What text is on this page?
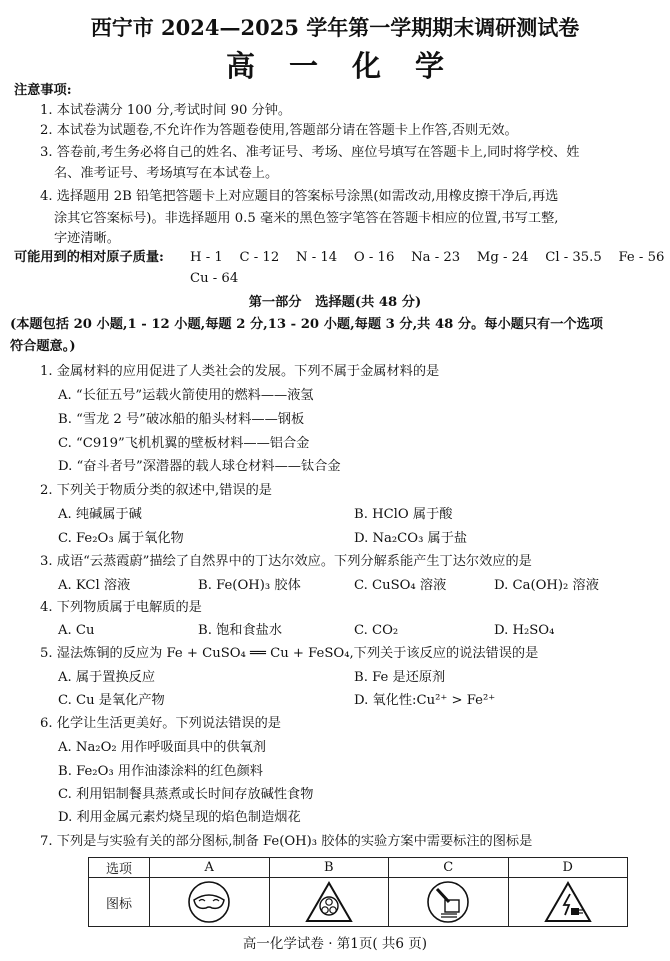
西宁市 2024—2025 学年第一学期期末调研测试卷
高一化学
注意事项:
1. 本试卷满分 100 分,考试时间 90 分钟。
2. 本试卷为试题卷,不允许作为答题卷使用,答题部分请在答题卡上作答,否则无效。
3. 答卷前,考生务必将自己的姓名、准考证号、考场、座位号填写在答题卡上,同时将学校、姓
名、准考证号、考场填写在本试卷上。
4. 选择题用 2B 铅笔把答题卡上对应题目的答案标号涂黑(如需改动,用橡皮擦干净后,再选
涂其它答案标号)。非选择题用 0.5 毫米的黑色签字笔答在答题卡相应的位置,书写工整,
字迹清晰。
可能用到的相对原子质量: H - 1    C - 12    N - 14    O - 16    Na - 23    Mg - 24    Cl - 35.5    Fe - 56
Cu - 64
第一部分   选择题(共 48 分)
(本题包括 20 小题,1 - 12 小题,每题 2 分,13 - 20 小题,每题 3 分,共 48 分。每小题只有一个选项
符合题意。)
1. 金属材料的应用促进了人类社会的发展。下列不属于金属材料的是
A. “长征五号”运载火箭使用的燃料——液氢
B. “雪龙 2 号”破冰船的船头材料——钢板
C. “C919”飞机机翼的壁板材料——铝合金
D. “奋斗者号”深潜器的载人球仓材料——钛合金
2. 下列关于物质分类的叙述中,错误的是
A. 纯碱属于碱	B. HClO 属于酸
C. Fe₂O₃ 属于氧化物	D. Na₂CO₃ 属于盐
3. 成语“云蒸霞蔚”描绘了自然界中的丁达尔效应。下列分解系能产生丁达尔效应的是
A. KCl 溶液	B. Fe(OH)₃ 胶体	C. CuSO₄ 溶液	D. Ca(OH)₂ 溶液
4. 下列物质属于电解质的是
A. Cu	B. 饱和食盐水	C. CO₂	D. H₂SO₄
5. 湿法炼铜的反应为 Fe + CuSO₄ ══ Cu + FeSO₄,下列关于该反应的说法错误的是
A. 属于置换反应	B. Fe 是还原剂
C. Cu 是氧化产物	D. 氧化性:Cu²⁺ > Fe²⁺
6. 化学让生活更美好。下列说法错误的是
A. Na₂O₂ 用作呼吸面具中的供氧剂
B. Fe₂O₃ 用作油漆涂料的红色颜料
C. 利用铝制餐具蒸煮或长时间存放碱性食物
D. 利用金属元素灼烧呈现的焰色制造烟花
7. 下列是与实验有关的部分图标,制备 Fe(OH)₃ 胶体的实验方案中需要标注的图标是
选项	A	B	C	D
图标				
高一化学试卷 · 第1页( 共6 页)
